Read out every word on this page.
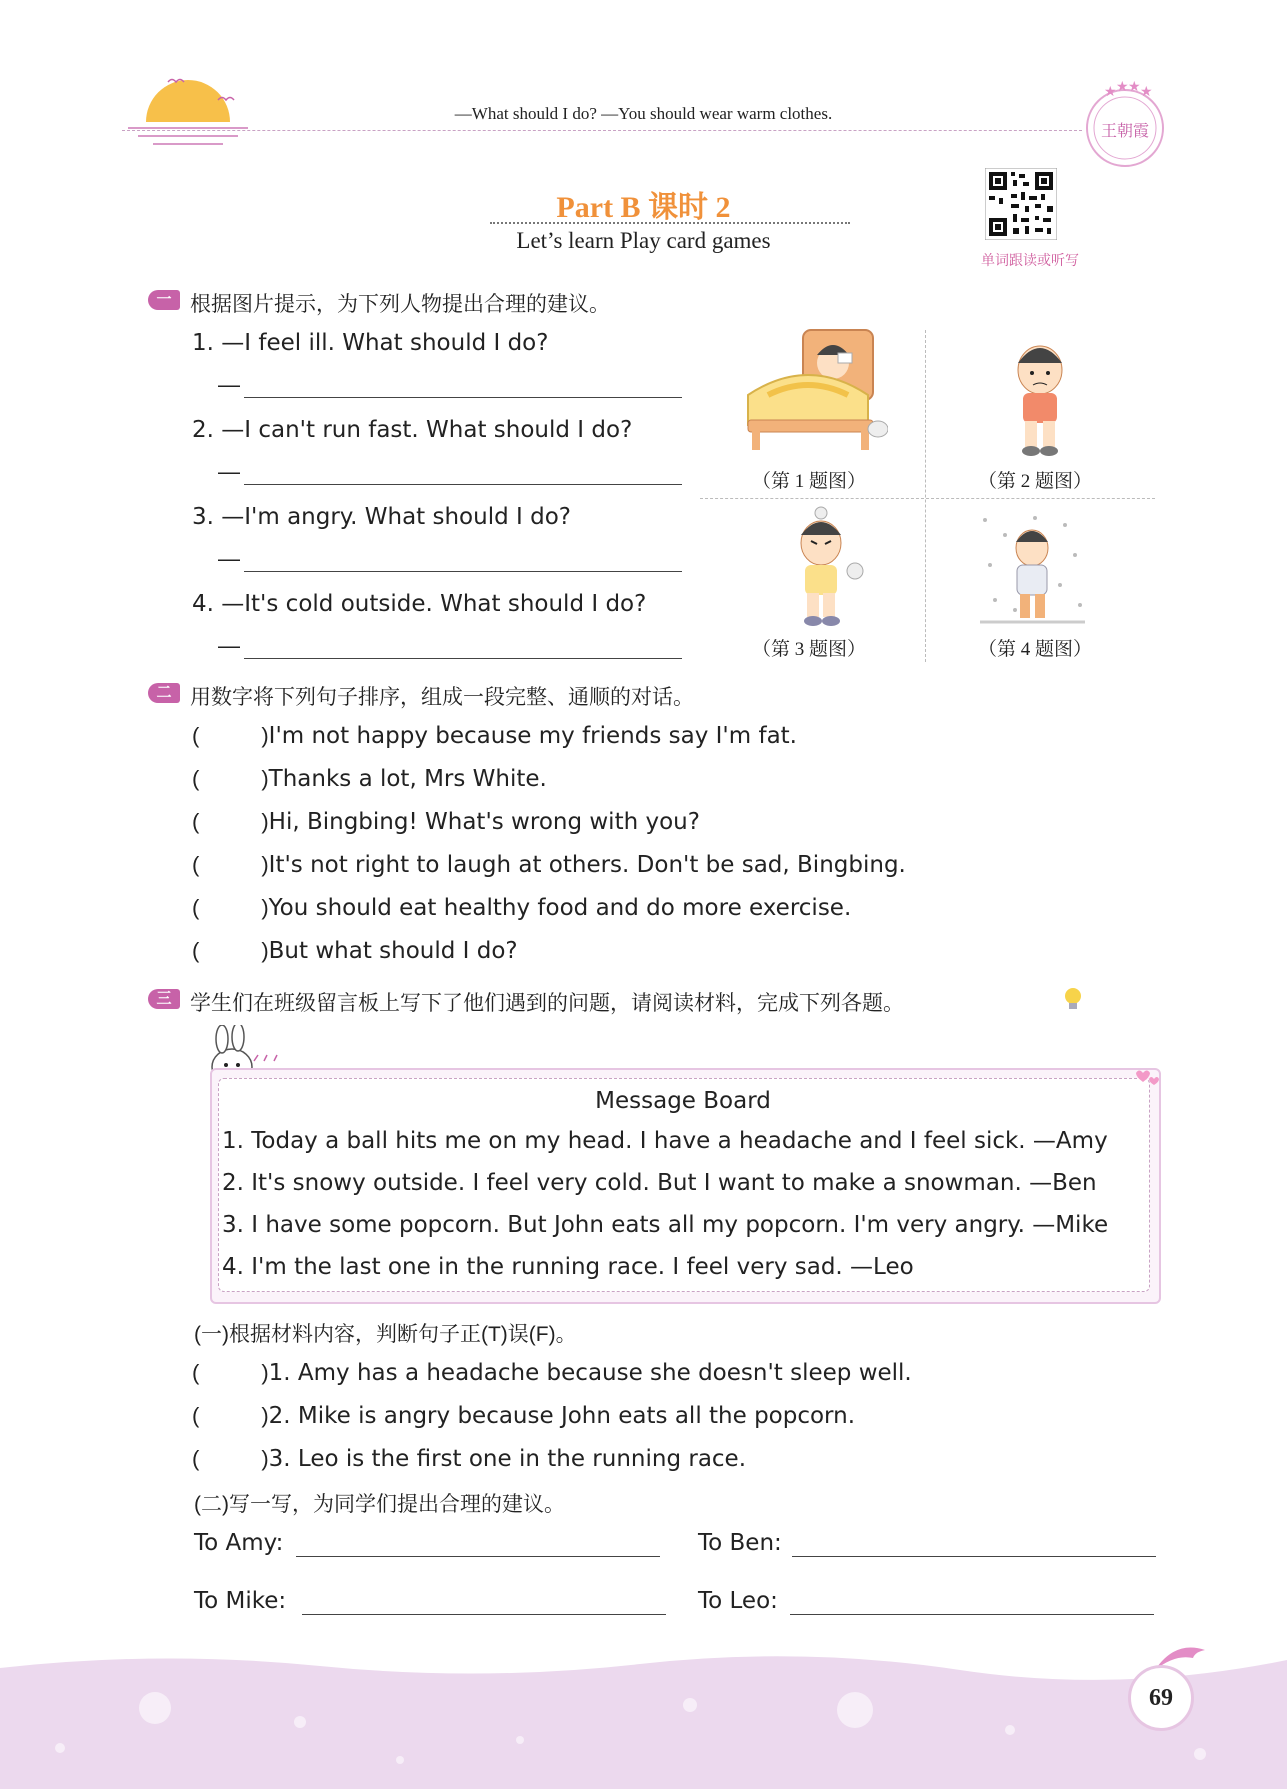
—What should I do? —You should wear warm clothes.
★ ★ ★ ★
王朝霞
Part B 课时 2
Let’s learn Play card games
单词跟读或听写
一 根据图片提示，为下列人物提出合理的建议。
1. —I feel ill. What should I do?
—
2. —I can't run fast. What should I do?
—
3. —I'm angry. What should I do?
—
4. —It's cold outside. What should I do?
—
（第 1 题图）	（第 2 题图）
（第 3 题图）	（第 4 题图）
二 用数字将下列句子排序，组成一段完整、通顺的对话。
(	)I'm not happy because my friends say I'm fat.
(	)Thanks a lot, Mrs White.
(	)Hi, Bingbing! What's wrong with you?
(	)It's not right to laugh at others. Don't be sad, Bingbing.
(	)You should eat healthy food and do more exercise.
(	)But what should I do?
三 学生们在班级留言板上写下了他们遇到的问题，请阅读材料，完成下列各题。
Message Board
1. Today a ball hits me on my head. I have a headache and I feel sick. —Amy
2. It's snowy outside. I feel very cold. But I want to make a snowman. —Ben
3. I have some popcorn. But John eats all my popcorn. I'm very angry. —Mike
4. I'm the last one in the running race. I feel very sad. —Leo
(一)根据材料内容，判断句子正(T)误(F)。
(	)1. Amy has a headache because she doesn't sleep well.
(	)2. Mike is angry because John eats all the popcorn.
(	)3. Leo is the first one in the running race.
(二)写一写，为同学们提出合理的建议。
To Amy:	To Ben:
To Mike:	To Leo:
69
